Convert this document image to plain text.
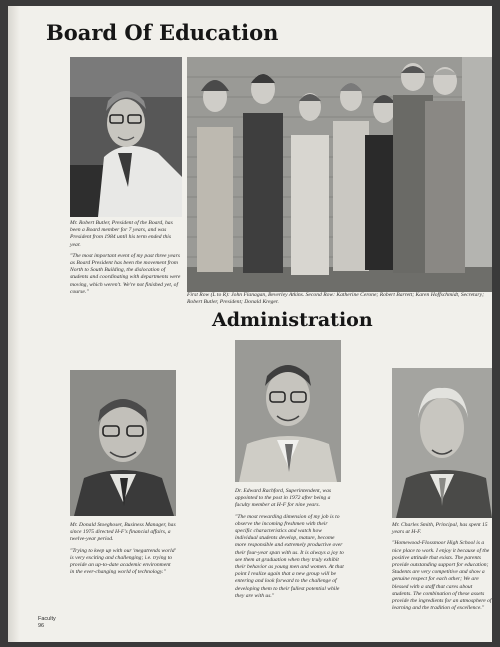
Board Of Education

Mr. Robert Butler, President of the Board, has been a Board member for 7 years, and was President from 1984 until his term ended this year.

"The most important event of my past three years as Board President has been the movement from North to South Building, the dislocation of students and coordinating with departments were moving, which weren't. We're not finished yet, of course."

First Row (L to R): John Flanagan, Beverley Atkins. Second Row: Katherine Cerone; Robert Barrett; Karen Hoffschmidt, Secretary; Robert Butler, President; Donald Kreger.
Administration

Mr. Donald Stoeghoser, Business Manager, has since 1975 directed H-F's financial affairs, a twelve-year period.

"Trying to keep up with our 'megatrends world' is very exciting and challenging; i.e. trying to provide an up-to-date academic environment in the ever-changing world of technology."

Dr. Edward Rachford, Superintendent, was appointed to the post in 1972 after being a faculty member at H-F for nine years.

"The most rewarding dimension of my job is to observe the incoming freshmen with their specific characteristics and watch how individual students develop, mature, become more responsible and extremely productive over their four-year span with us. It is always a joy to see them at graduation when they truly exhibit their behavior as young men and women. At that point I realize again that a new group will be entering and look forward to the challenge of developing them to their fullest potential while they are with us."

Mr. Charles Smith, Principal, has spent 15 years at H-F.

"Homewood-Flossmoor High School is a nice place to work. I enjoy it because of the positive attitude that exists. The parents provide outstanding support for education; Students are very competitive and show a genuine respect for each other; We are blessed with a staff that cares about students. The combination of these assets provide the ingredients for an atmosphere of learning and the tradition of excellence."

Faculty
96
